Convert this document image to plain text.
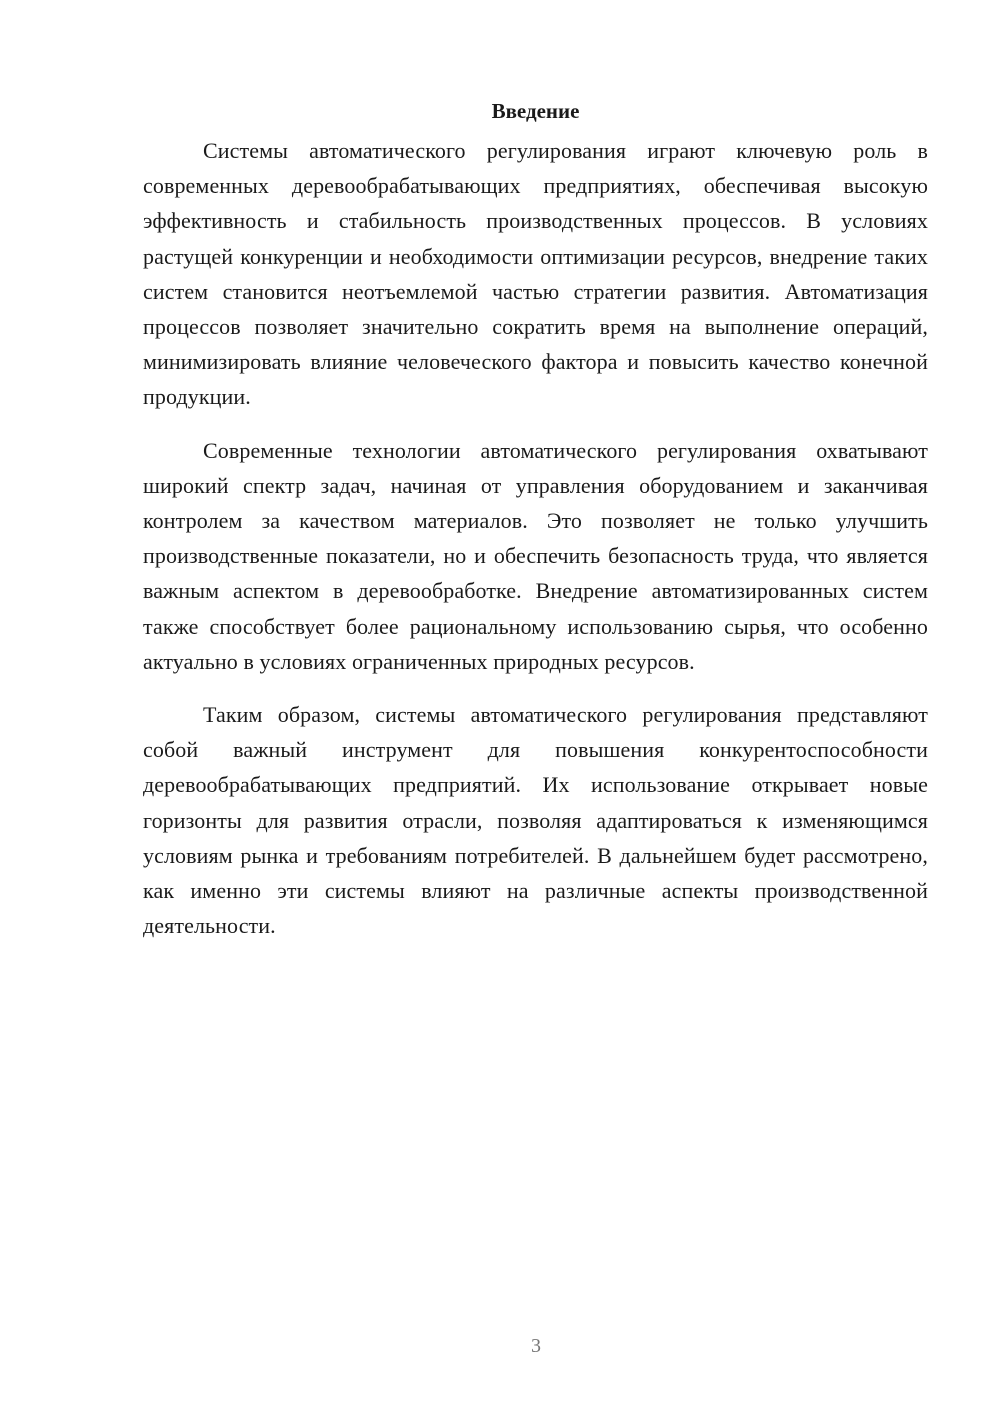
Введение

Системы автоматического регулирования играют ключевую роль в современных деревообрабатывающих предприятиях, обеспечивая высокую эффективность и стабильность производственных процессов. В условиях растущей конкуренции и необходимости оптимизации ресурсов, внедрение таких систем становится неотъемлемой частью стратегии развития. Автоматизация процессов позволяет значительно сократить время на выполнение операций, минимизировать влияние человеческого фактора и повысить качество конечной продукции.

Современные технологии автоматического регулирования охватывают широкий спектр задач, начиная от управления оборудованием и заканчивая контролем за качеством материалов. Это позволяет не только улучшить производственные показатели, но и обеспечить безопасность труда, что является важным аспектом в деревообработке. Внедрение автоматизированных систем также способствует более рациональному использованию сырья, что особенно актуально в условиях ограниченных природных ресурсов.

Таким образом, системы автоматического регулирования представляют собой важный инструмент для повышения конкурентоспособности деревообрабатывающих предприятий. Их использование открывает новые горизонты для развития отрасли, позволяя адаптироваться к изменяющимся условиям рынка и требованиям потребителей. В дальнейшем будет рассмотрено, как именно эти системы влияют на различные аспекты производственной деятельности.

3
